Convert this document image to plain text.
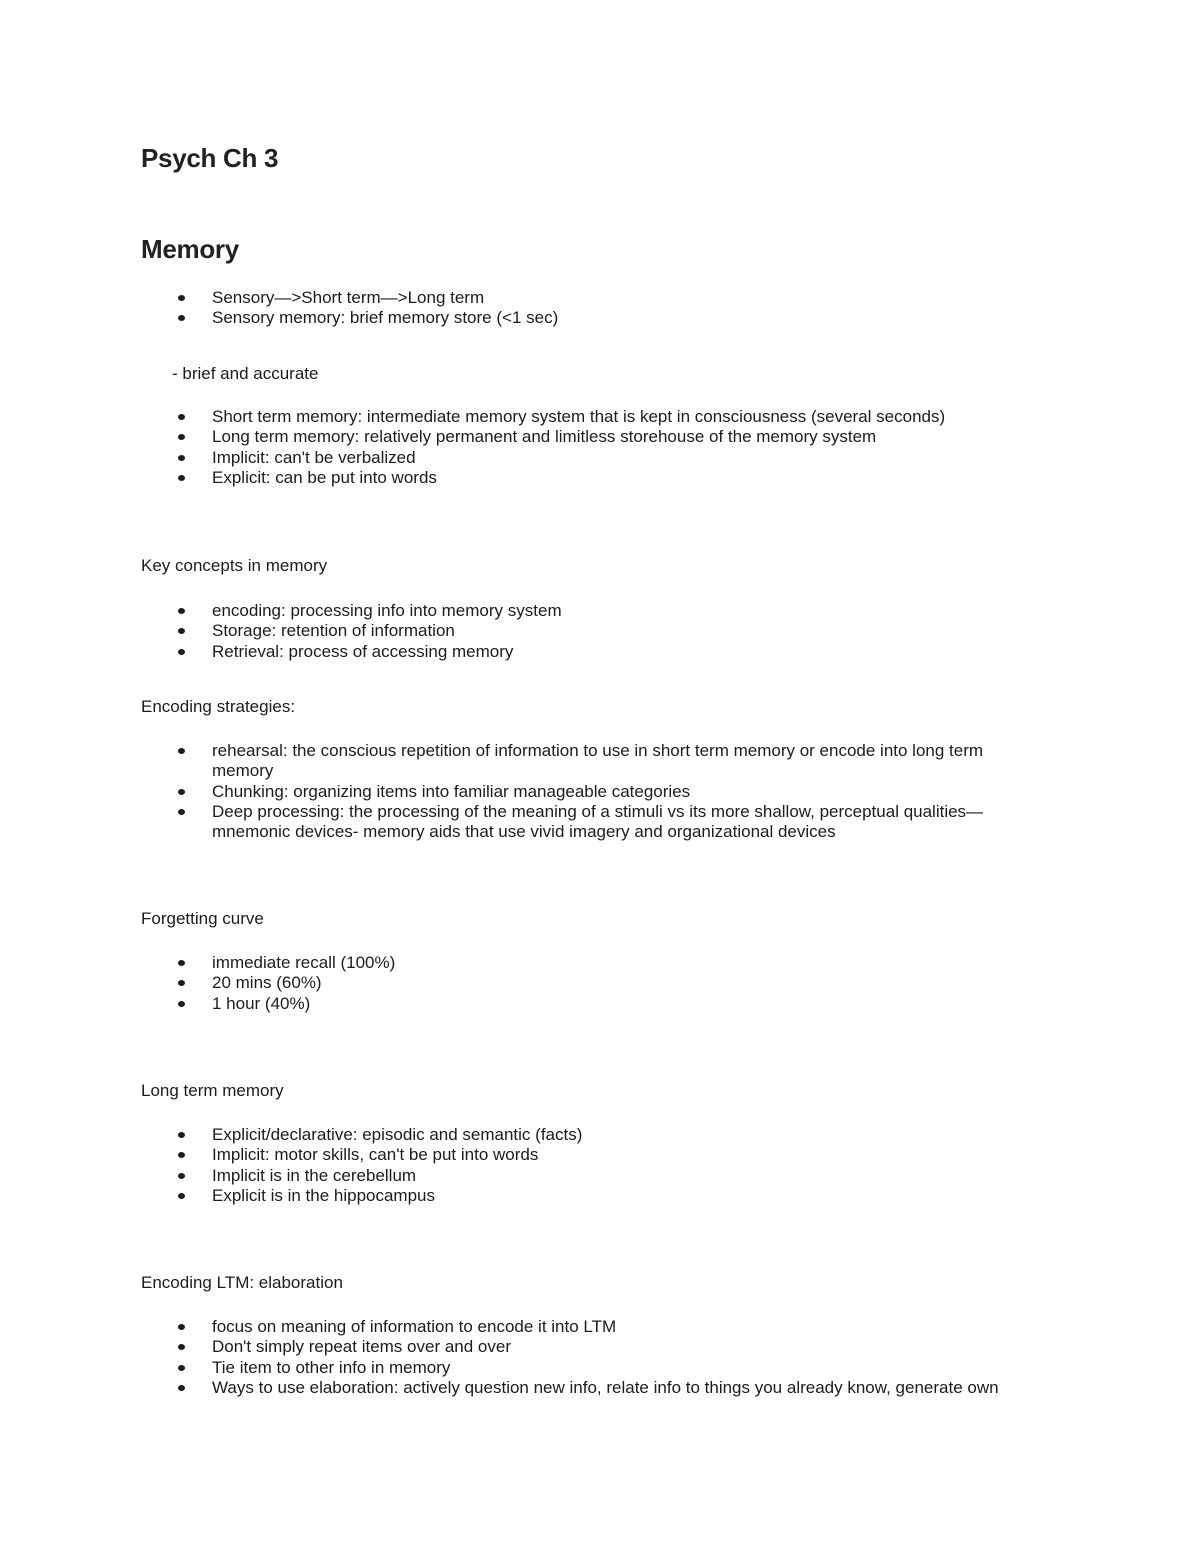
Psych Ch 3
Memory
Sensory—>Short term—>Long term
Sensory memory: brief memory store (<1 sec)
- brief and accurate
Short term memory: intermediate memory system that is kept in consciousness (several seconds)
Long term memory: relatively permanent and limitless storehouse of the memory system
Implicit: can't be verbalized
Explicit: can be put into words
Key concepts in memory
encoding: processing info into memory system
Storage: retention of information
Retrieval: process of accessing memory
Encoding strategies:
rehearsal: the conscious repetition of information to use in short term memory or encode into long term memory
Chunking: organizing items into familiar manageable categories
Deep processing: the processing of the meaning of a stimuli vs its more shallow, perceptual qualities—mnemonic devices- memory aids that use vivid imagery and organizational devices
Forgetting curve
immediate recall (100%)
20 mins (60%)
1 hour (40%)
Long term memory
Explicit/declarative: episodic and semantic (facts)
Implicit: motor skills, can't be put into words
Implicit is in the cerebellum
Explicit is in the hippocampus
Encoding LTM: elaboration
focus on meaning of information to encode it into LTM
Don't simply repeat items over and over
Tie item to other info in memory
Ways to use elaboration: actively question new info, relate info to things you already know, generate own
